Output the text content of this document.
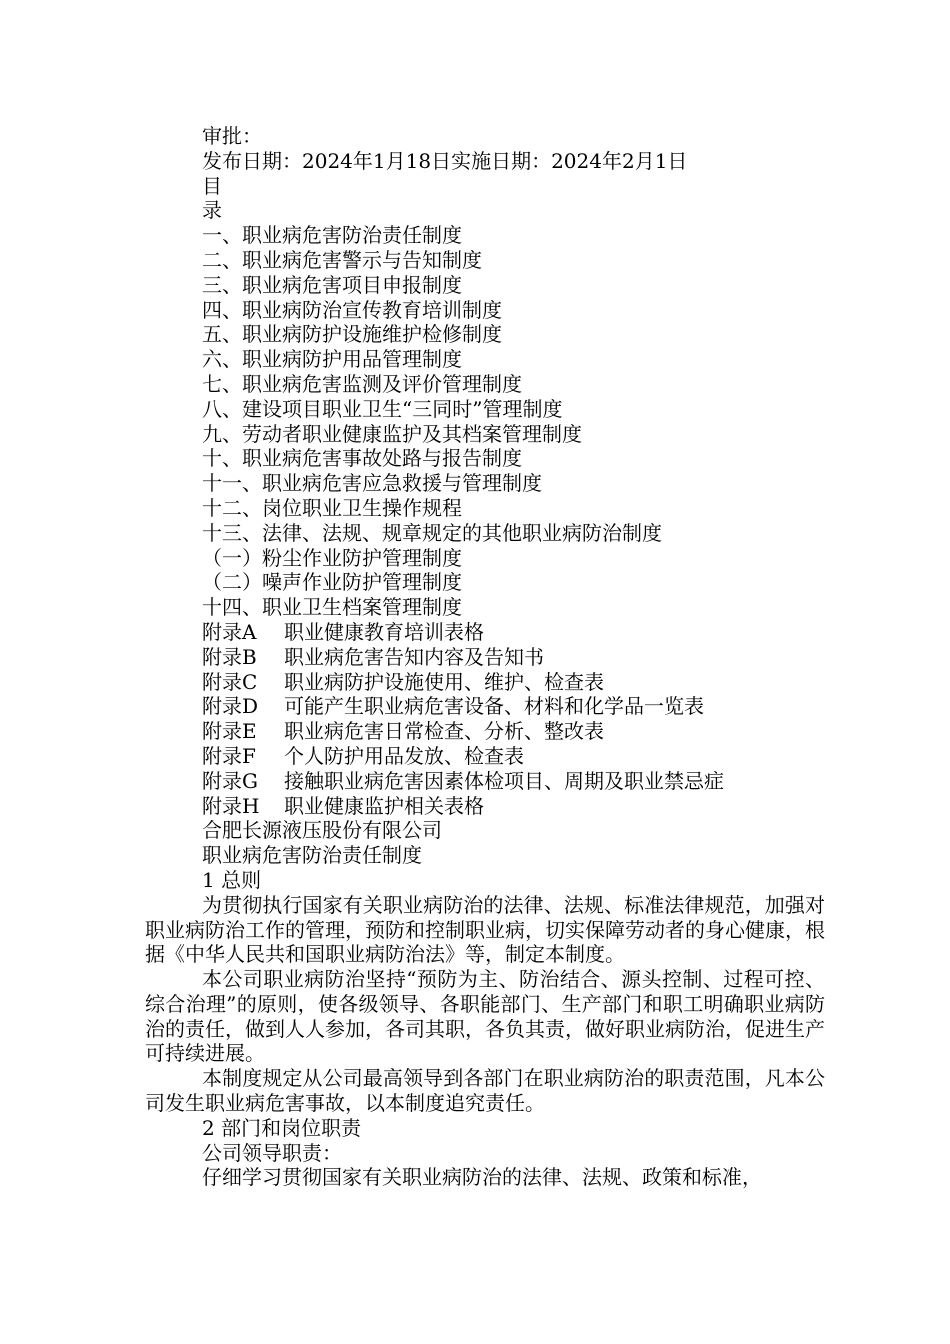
审批：
发布日期：2024年1月18日实施日期：2024年2月1日
目
录
一、职业病危害防治责任制度
二、职业病危害警示与告知制度
三、职业病危害项目申报制度
四、职业病防治宣传教育培训制度
五、职业病防护设施维护检修制度
六、职业病防护用品管理制度
七、职业病危害监测及评价管理制度
八、建设项目职业卫生“三同时”管理制度
九、劳动者职业健康监护及其档案管理制度
十、职业病危害事故处路与报告制度
十一、职业病危害应急救援与管理制度
十二、岗位职业卫生操作规程
十三、法律、法规、规章规定的其他职业病防治制度
（一）粉尘作业防护管理制度
（二）噪声作业防护管理制度
十四、职业卫生档案管理制度
附录A 职业健康教育培训表格
附录B 职业病危害告知内容及告知书
附录C 职业病防护设施使用、维护、检查表
附录D 可能产生职业病危害设备、材料和化学品一览表
附录E 职业病危害日常检查、分析、整改表
附录F 个人防护用品发放、检查表
附录G 接触职业病危害因素体检项目、周期及职业禁忌症
附录H 职业健康监护相关表格
合肥长源液压股份有限公司
职业病危害防治责任制度
1 总则
为贯彻执行国家有关职业病防治的法律、法规、标准法律规范，加强对职业病防治工作的管理，预防和控制职业病，切实保障劳动者的身心健康，根据《中华人民共和国职业病防治法》等，制定本制度。
本公司职业病防治坚持“预防为主、防治结合、源头控制、过程可控、综合治理”的原则，使各级领导、各职能部门、生产部门和职工明确职业病防治的责任，做到人人参加，各司其职，各负其责，做好职业病防治，促进生产可持续进展。
本制度规定从公司最高领导到各部门在职业病防治的职责范围，凡本公司发生职业病危害事故，以本制度追究责任。
2 部门和岗位职责
公司领导职责：
仔细学习贯彻国家有关职业病防治的法律、法规、政策和标准，
